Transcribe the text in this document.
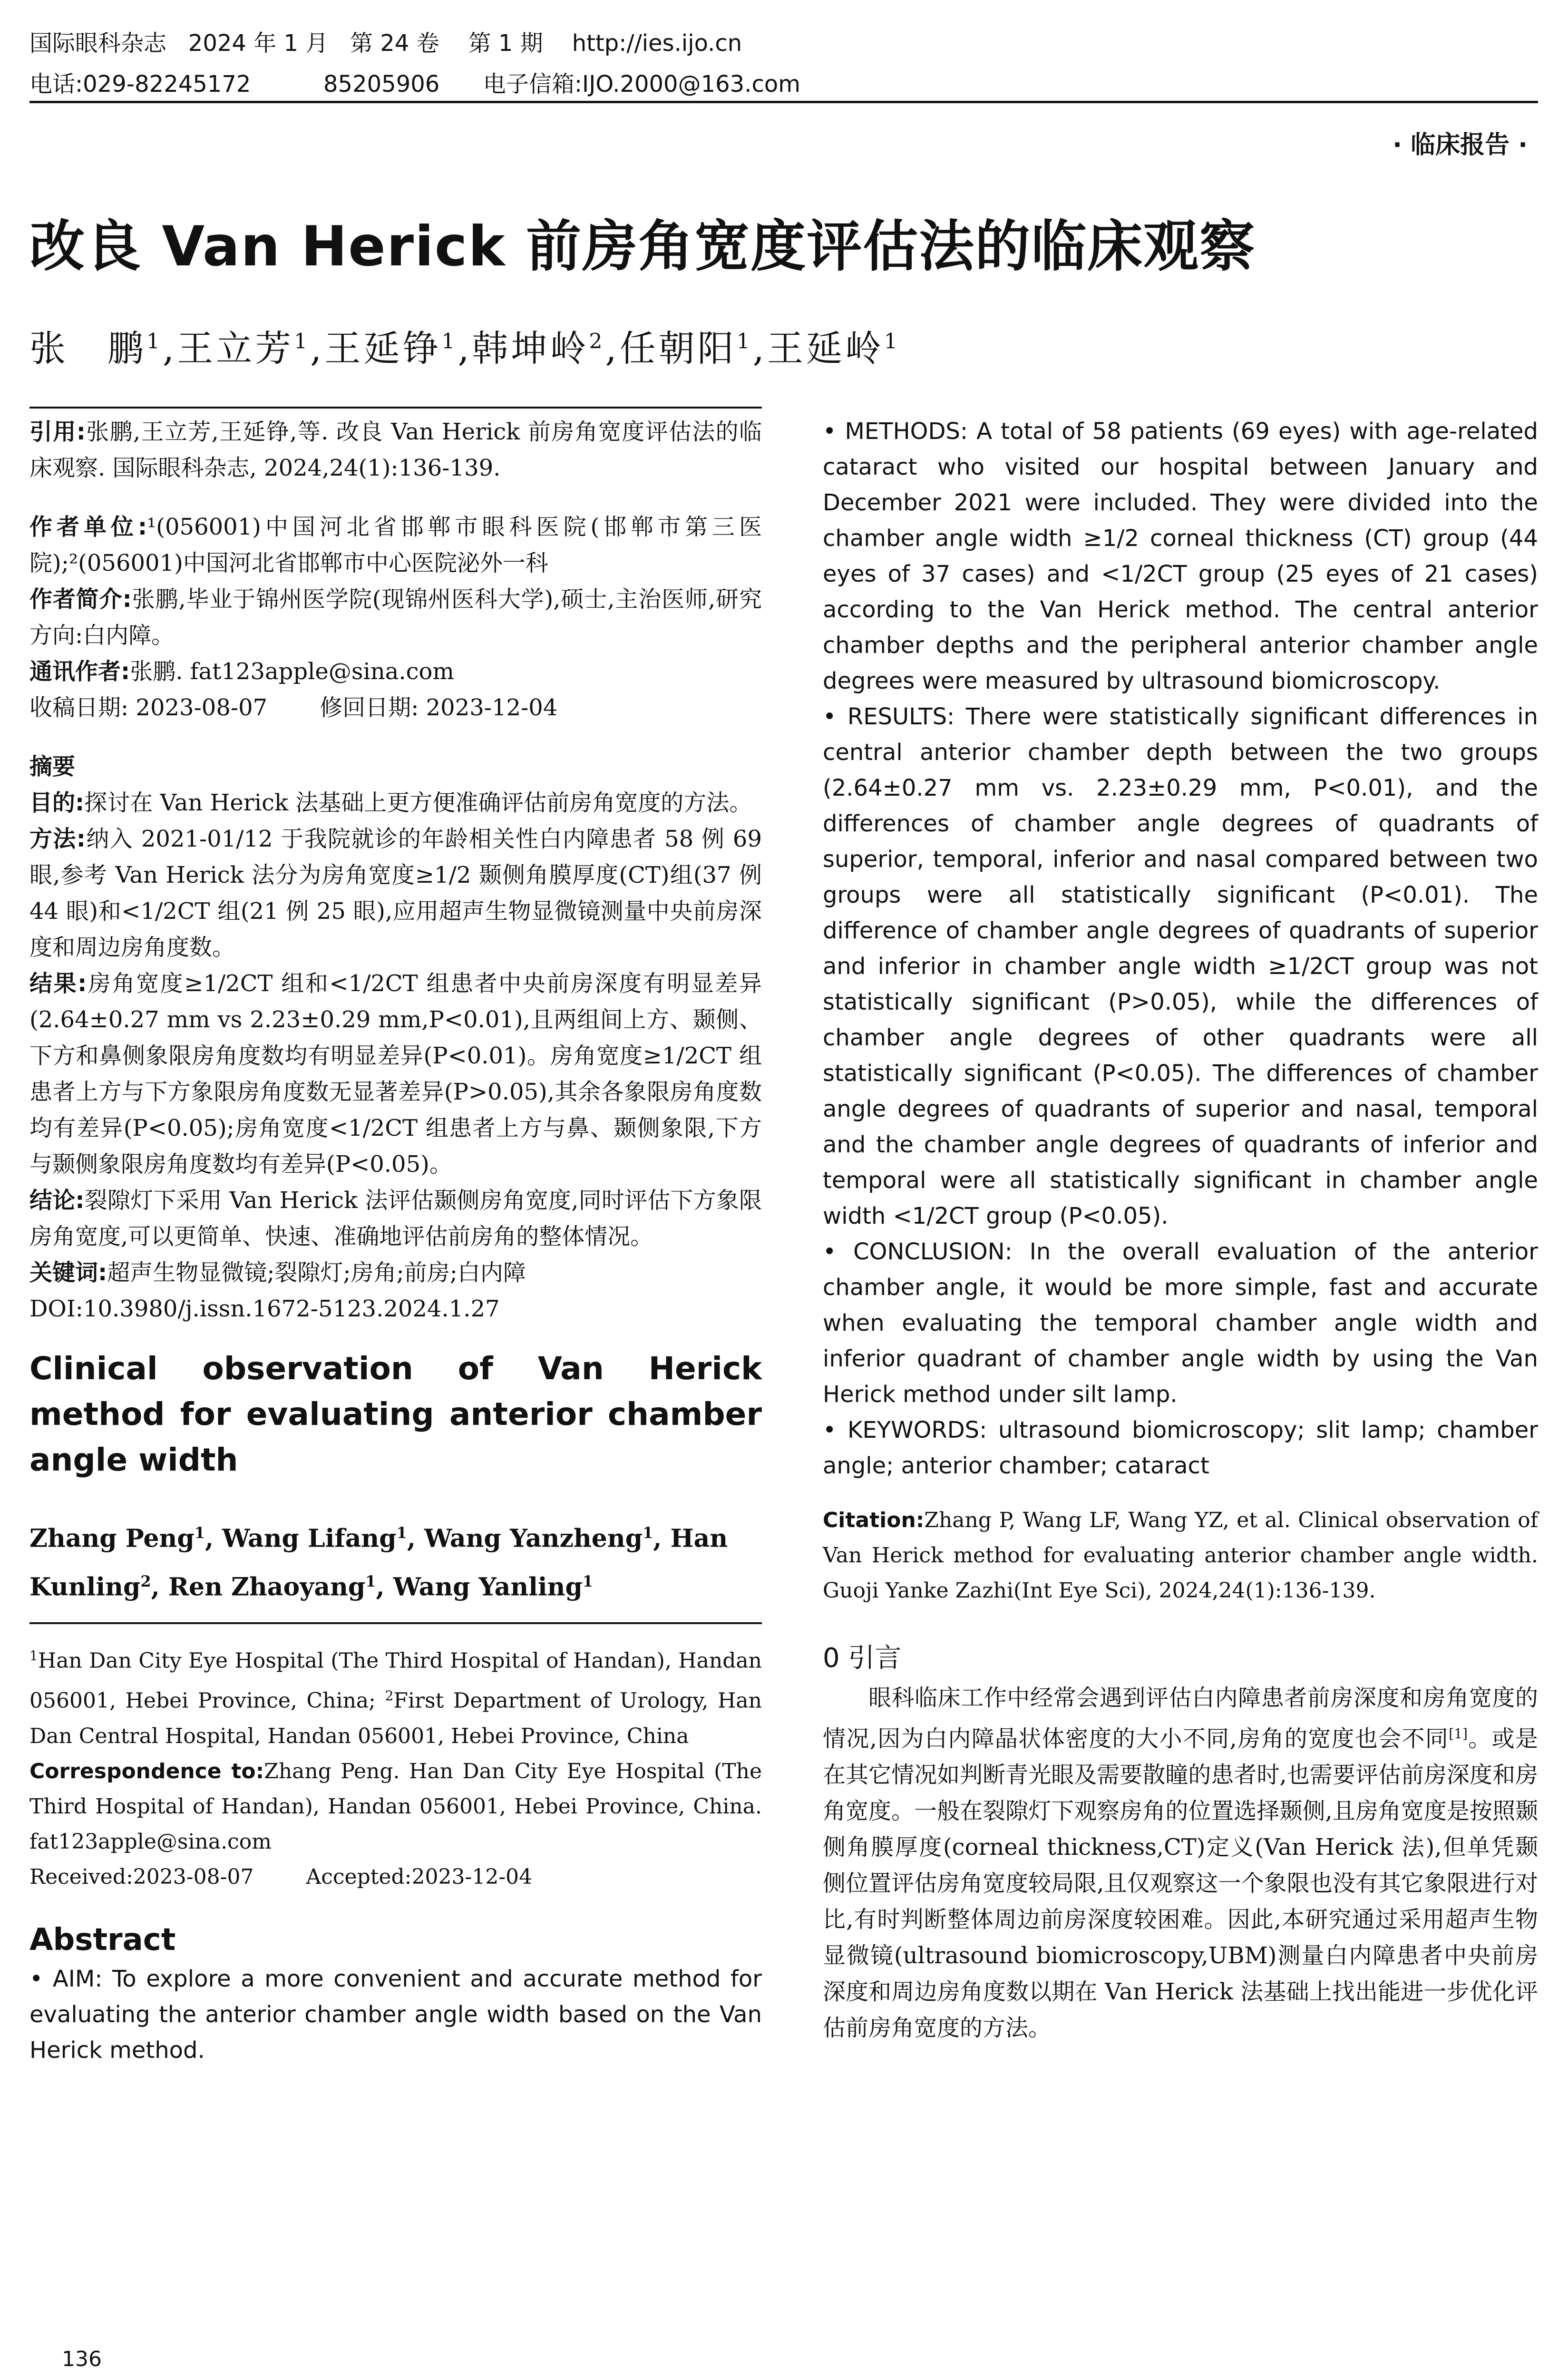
国际眼科杂志   2024 年 1 月   第 24 卷    第 1 期    http://ies.ijo.cn
电话:029-82245172          85205906      电子信箱:IJO.2000@163.com
· 临床报告 ·
改良 Van Herick 前房角宽度评估法的临床观察
张　鹏$^1$,王立芳$^1$,王延铮$^1$,韩坤岭$^2$,任朝阳$^1$,王延岭$^1$

引用:张鹏,王立芳,王延铮,等. 改良 Van Herick 前房角宽度评估法的临床观察. 国际眼科杂志, 2024,24(1):136-139.

作者单位:¹(056001)中国河北省邯郸市眼科医院(邯郸市第三医院);²(056001)中国河北省邯郸市中心医院泌外一科

作者简介:张鹏,毕业于锦州医学院(现锦州医科大学),硕士,主治医师,研究方向:白内障。

通讯作者:张鹏. fat123apple@sina.com

收稿日期: 2023-08-07 修回日期: 2023-12-04

摘要

目的:探讨在 Van Herick 法基础上更方便准确评估前房角宽度的方法。

方法:纳入 2021-01/12 于我院就诊的年龄相关性白内障患者 58 例 69 眼,参考 Van Herick 法分为房角宽度≥1/2 颞侧角膜厚度(CT)组(37 例 44 眼)和<1/2CT 组(21 例 25 眼),应用超声生物显微镜测量中央前房深度和周边房角度数。

结果:房角宽度≥1/2CT 组和<1/2CT 组患者中央前房深度有明显差异(2.64±0.27 mm vs 2.23±0.29 mm,P<0.01),且两组间上方、颞侧、下方和鼻侧象限房角度数均有明显差异(P<0.01)。房角宽度≥1/2CT 组患者上方与下方象限房角度数无显著差异(P>0.05),其余各象限房角度数均有差异(P<0.05);房角宽度<1/2CT 组患者上方与鼻、颞侧象限,下方与颞侧象限房角度数均有差异(P<0.05)。

结论:裂隙灯下采用 Van Herick 法评估颞侧房角宽度,同时评估下方象限房角宽度,可以更简单、快速、准确地评估前房角的整体情况。

关键词:超声生物显微镜;裂隙灯;房角;前房;白内障

DOI:10.3980/j.issn.1672-5123.2024.1.27

Clinical observation of Van Herick method for evaluating anterior chamber angle width
Zhang Peng$^1$, Wang Lifang$^1$, Wang Yanzheng$^1$, Han Kunling$^2$, Ren Zhaoyang$^1$, Wang Yanling$^1$

$^1$Han Dan City Eye Hospital (The Third Hospital of Handan), Handan 056001, Hebei Province, China; $^2$First Department of Urology, Han Dan Central Hospital, Handan 056001, Hebei Province, China

Correspondence to:Zhang Peng. Han Dan City Eye Hospital (The Third Hospital of Handan), Handan 056001, Hebei Province, China. fat123apple@sina.com

Received:2023-08-07	Accepted:2023-12-04

Abstract

• AIM: To explore a more convenient and accurate method for evaluating the anterior chamber angle width based on the Van Herick method.

• METHODS: A total of 58 patients (69 eyes) with age-related cataract who visited our hospital between January and December 2021 were included. They were divided into the chamber angle width ≥1/2 corneal thickness (CT) group (44 eyes of 37 cases) and <1/2CT group (25 eyes of 21 cases) according to the Van Herick method. The central anterior chamber depths and the peripheral anterior chamber angle degrees were measured by ultrasound biomicroscopy.

• RESULTS: There were statistically significant differences in central anterior chamber depth between the two groups (2.64±0.27 mm vs. 2.23±0.29 mm, P<0.01), and the differences of chamber angle degrees of quadrants of superior, temporal, inferior and nasal compared between two groups were all statistically significant (P<0.01). The difference of chamber angle degrees of quadrants of superior and inferior in chamber angle width ≥1/2CT group was not statistically significant (P>0.05), while the differences of chamber angle degrees of other quadrants were all statistically significant (P<0.05). The differences of chamber angle degrees of quadrants of superior and nasal, temporal and the chamber angle degrees of quadrants of inferior and temporal were all statistically significant in chamber angle width <1/2CT group (P<0.05).

• CONCLUSION: In the overall evaluation of the anterior chamber angle, it would be more simple, fast and accurate when evaluating the temporal chamber angle width and inferior quadrant of chamber angle width by using the Van Herick method under silt lamp.

• KEYWORDS: ultrasound biomicroscopy; slit lamp; chamber angle; anterior chamber; cataract

Citation:Zhang P, Wang LF, Wang YZ, et al. Clinical observation of Van Herick method for evaluating anterior chamber angle width. Guoji Yanke Zazhi(Int Eye Sci), 2024,24(1):136-139.

0 引言

眼科临床工作中经常会遇到评估白内障患者前房深度和房角宽度的情况,因为白内障晶状体密度的大小不同,房角的宽度也会不同[1]。或是在其它情况如判断青光眼及需要散瞳的患者时,也需要评估前房深度和房角宽度。一般在裂隙灯下观察房角的位置选择颞侧,且房角宽度是按照颞侧角膜厚度(corneal thickness,CT)定义(Van Herick 法),但单凭颞侧位置评估房角宽度较局限,且仅观察这一个象限也没有其它象限进行对比,有时判断整体周边前房深度较困难。因此,本研究通过采用超声生物显微镜(ultrasound biomicroscopy,UBM)测量白内障患者中央前房深度和周边房角度数以期在 Van Herick 法基础上找出能进一步优化评估前房角宽度的方法。

136
